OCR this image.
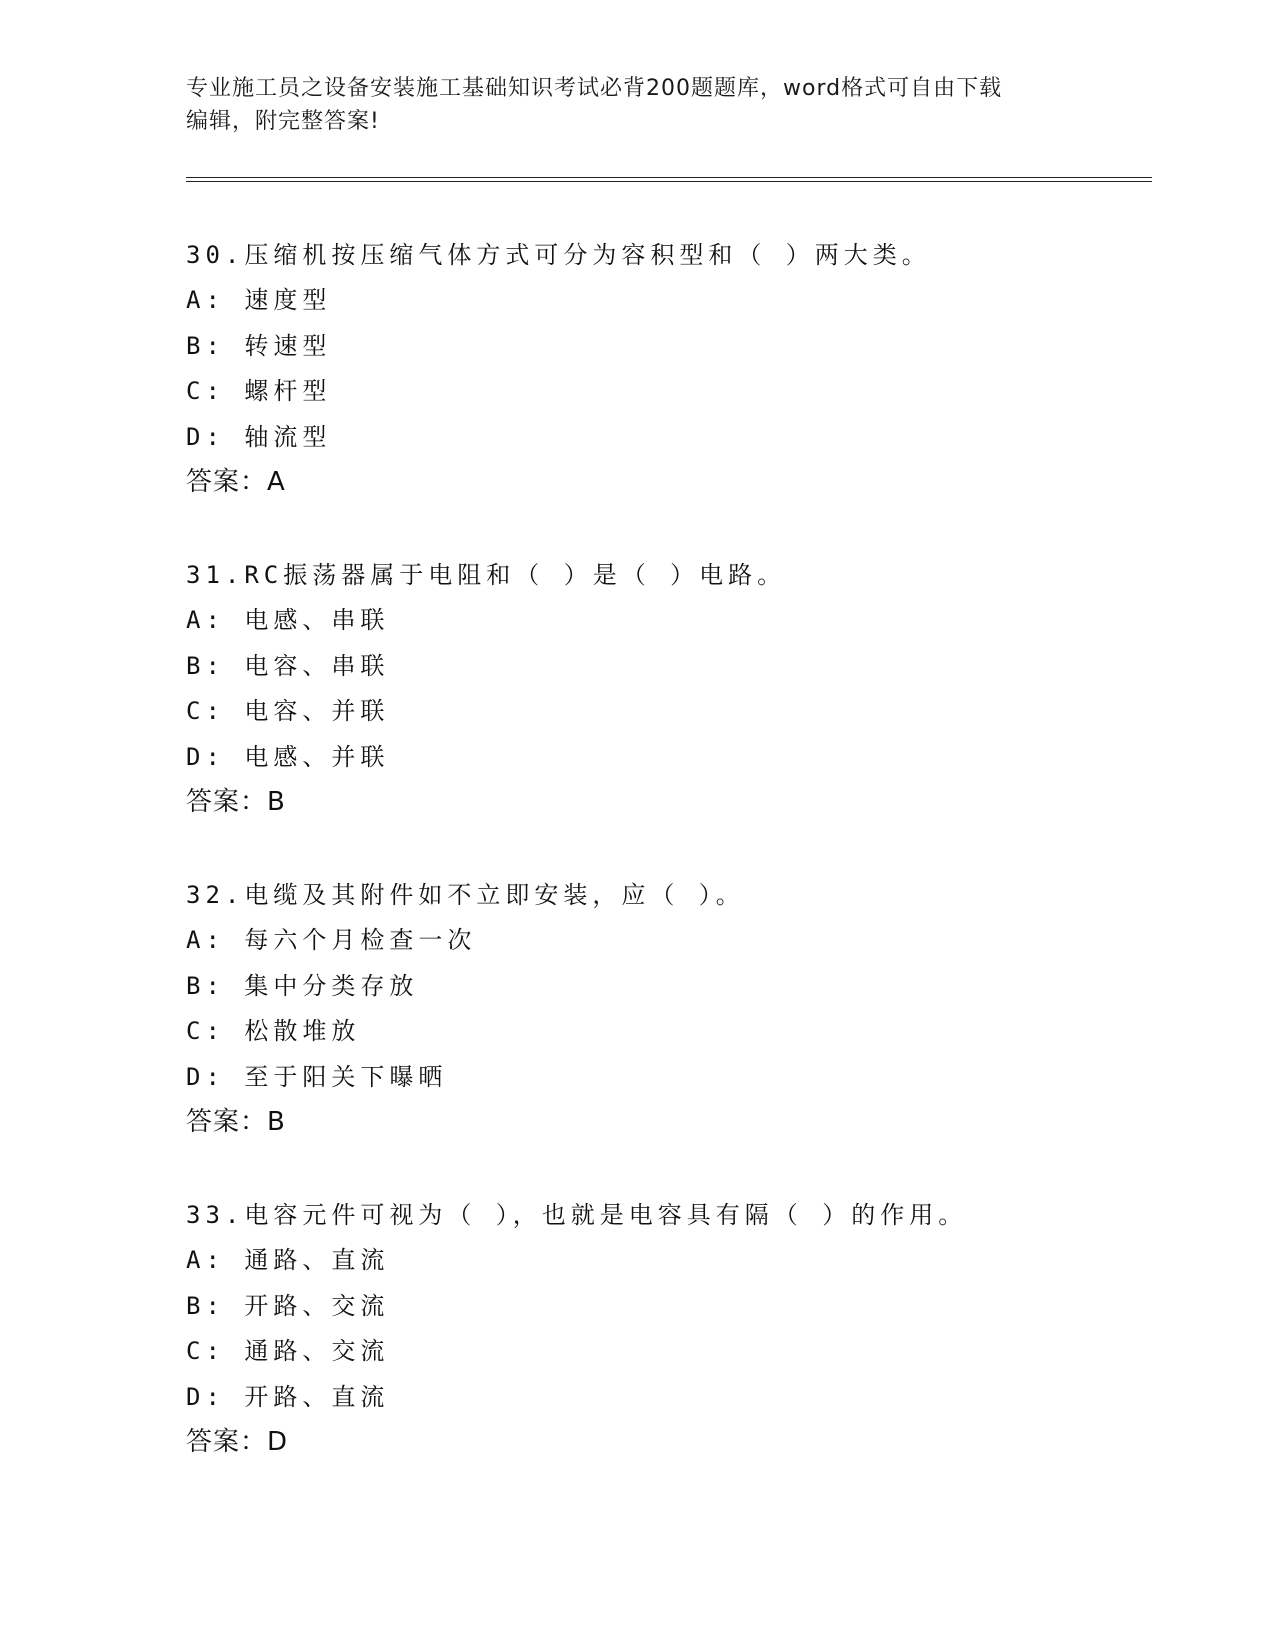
专业施工员之设备安装施工基础知识考试必背200题题库，word格式可自由下载
编辑，附完整答案!
30.压缩机按压缩气体方式可分为容积型和（ ）两大类。
A: 速度型
B: 转速型
C: 螺杆型
D: 轴流型
答案：A
31.RC振荡器属于电阻和（ ）是（ ）电路。
A: 电感、串联
B: 电容、串联
C: 电容、并联
D: 电感、并联
答案：B
32.电缆及其附件如不立即安装，应（ ）。
A: 每六个月检查一次
B: 集中分类存放
C: 松散堆放
D: 至于阳关下曝晒
答案：B
33.电容元件可视为（ ），也就是电容具有隔（ ）的作用。
A: 通路、直流
B: 开路、交流
C: 通路、交流
D: 开路、直流
答案：D
